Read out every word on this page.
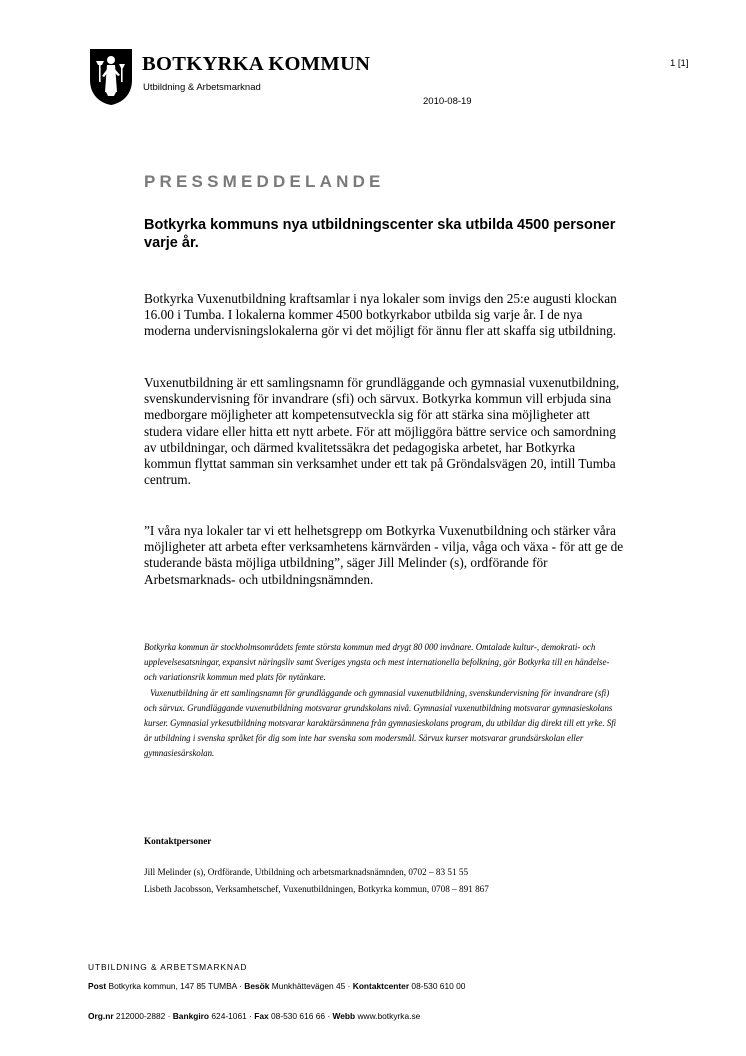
BOTKYRKA KOMMUN
Utbildning & Arbetsmarknad
1 [1]
2010-08-19
PRESSMEDDELANDE
Botkyrka kommuns nya utbildningscenter ska utbilda 4500 personer varje år.
Botkyrka Vuxenutbildning kraftsamlar i nya lokaler som invigs den 25:e augusti klockan 16.00 i Tumba. I lokalerna kommer 4500 botkyrkabor utbilda sig varje år. I de nya moderna undervisningslokalerna gör vi det möjligt för ännu fler att skaffa sig utbildning.
Vuxenutbildning är ett samlingsnamn för grundläggande och gymnasial vuxenutbildning, svenskundervisning för invandrare (sfi) och särvux. Botkyrka kommun vill erbjuda sina medborgare möjligheter att kompetensutveckla sig för att stärka sina möjligheter att studera vidare eller hitta ett nytt arbete. För att möjliggöra bättre service och samordning av utbildningar, och därmed kvalitetssäkra det pedagogiska arbetet, har Botkyrka kommun flyttat samman sin verksamhet under ett tak på Gröndalsvägen 20, intill Tumba centrum.
”I våra nya lokaler tar vi ett helhetsgrepp om Botkyrka Vuxenutbildning och stärker våra möjligheter att arbeta efter verksamhetens kärnvärden - vilja, våga och växa - för att ge de studerande bästa möjliga utbildning”, säger Jill Melinder (s), ordförande för Arbetsmarknads- och utbildningsnämnden.
Botkyrka kommun är stockholmsområdets femte största kommun med drygt 80 000 invånare. Omtalade kultur-, demokrati- och upplevelsesatsningar, expansivt näringsliv samt Sveriges yngsta och mest internationella befolkning, gör Botkyrka till en händelse- och variationsrik kommun med plats för nytänkare.
Vuxenutbildning är ett samlingsnamn för grundläggande och gymnasial vuxenutbildning, svenskundervisning för invandrare (sfi) och särvux. Grundläggande vuxenutbildning motsvarar grundskolans nivå. Gymnasial vuxenutbildning motsvarar gymnasieskolans kurser. Gymnasial yrkesutbildning motsvarar karaktärsämnena från gymnasieskolans program, du utbildar dig direkt till ett yrke. Sfi är utbildning i svenska språket för dig som inte har svenska som modersmål. Särvux kurser motsvarar grundsärskolan eller gymnasiesärskolan.
Kontaktpersoner
Jill Melinder (s), Ordförande, Utbildning och arbetsmarknadsnämnden, 0702 – 83 51 55
Lisbeth Jacobsson, Verksamhetschef, Vuxenutbildningen, Botkyrka kommun, 0708 – 891 867
UTBILDNING & ARBETSMARKNAD
Post Botkyrka kommun, 147 85 TUMBA · Besök Munkhättevägen 45 · Kontaktcenter 08-530 610 00
Org.nr 212000-2882 · Bankgiro 624-1061 · Fax 08-530 616 66 · Webb www.botkyrka.se
